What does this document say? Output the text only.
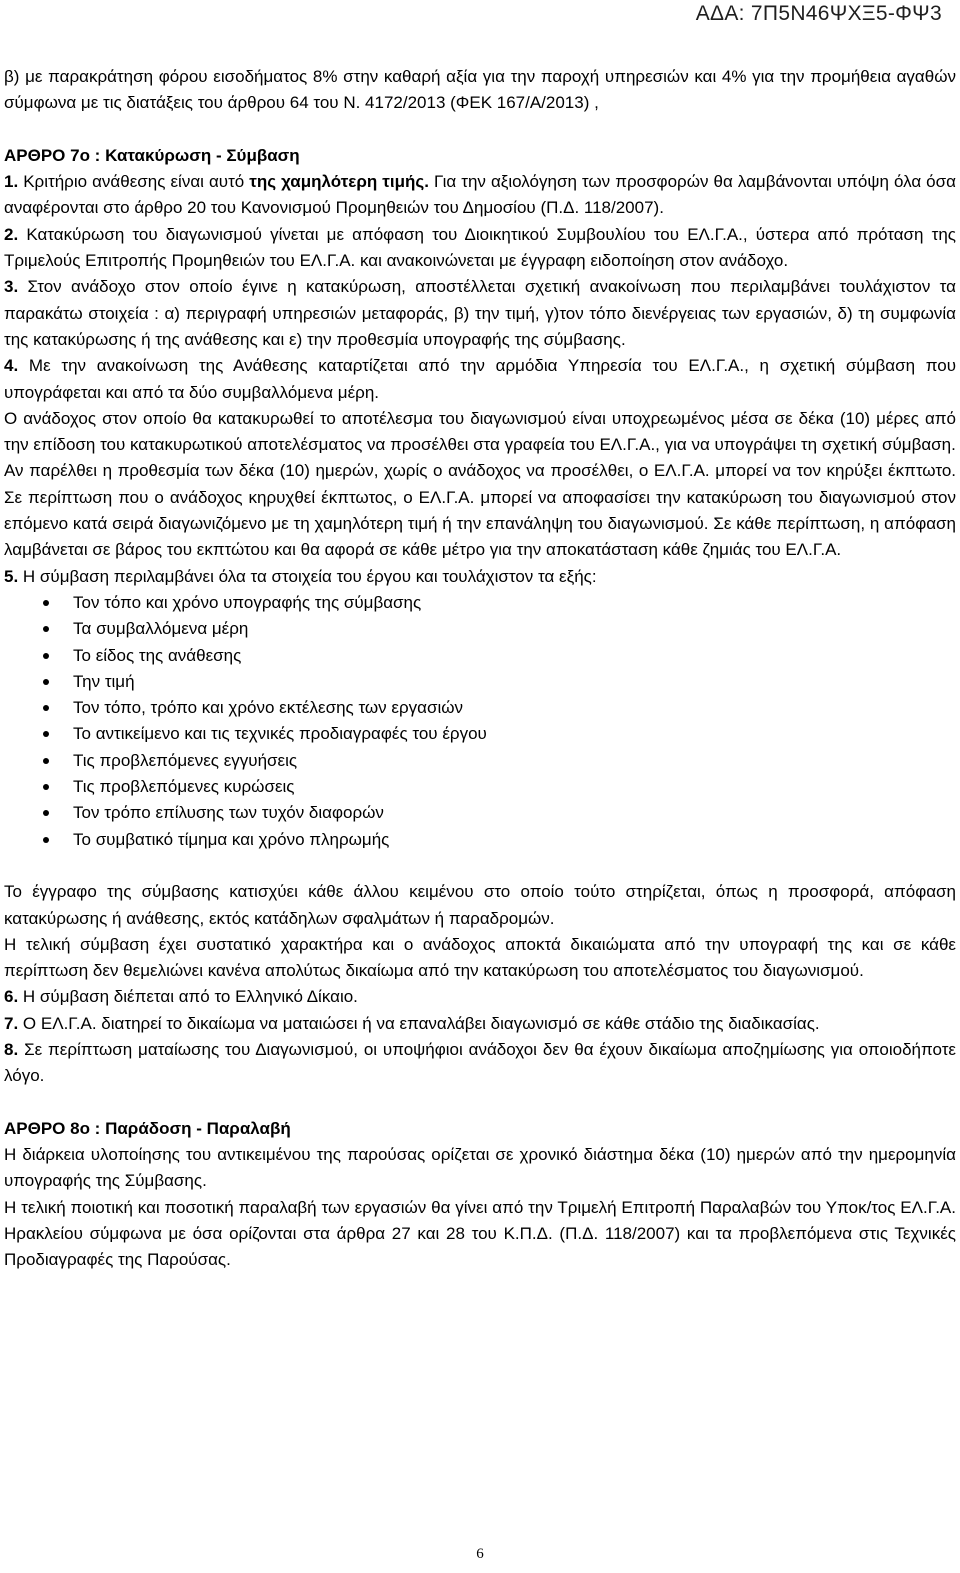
ΑΔΑ: 7Π5Ν46ΨΧΞ5-ΦΨ3

β) με παρακράτηση φόρου εισοδήματος 8% στην καθαρή αξία για την παροχή υπηρεσιών και 4% για την προμήθεια αγαθών σύμφωνα με τις διατάξεις του άρθρου 64 του Ν. 4172/2013 (ΦΕΚ 167/Α/2013) ,

ΑΡΘΡΟ 7ο : Κατακύρωση - Σύμβαση

1. Κριτήριο ανάθεσης είναι αυτό της χαμηλότερη τιμής. Για την αξιολόγηση των προσφορών θα λαμβάνονται υπόψη όλα όσα αναφέρονται στο άρθρο 20 του Κανονισμού Προμηθειών του Δημοσίου (Π.Δ. 118/2007).

2. Κατακύρωση του διαγωνισμού γίνεται με απόφαση του Διοικητικού Συμβουλίου του ΕΛ.Γ.Α., ύστερα από πρόταση της Τριμελούς Επιτροπής Προμηθειών του ΕΛ.Γ.Α. και ανακοινώνεται με έγγραφη ειδοποίηση στον ανάδοχο.

3. Στον ανάδοχο στον οποίο έγινε η κατακύρωση, αποστέλλεται σχετική ανακοίνωση που περιλαμβάνει τουλάχιστον τα παρακάτω στοιχεία : α) περιγραφή υπηρεσιών μεταφοράς, β) την τιμή, γ)τον τόπο διενέργειας των εργασιών, δ) τη συμφωνία της κατακύρωσης ή της ανάθεσης και ε) την προθεσμία υπογραφής της σύμβασης.

4. Με την ανακοίνωση της Ανάθεσης καταρτίζεται από την αρμόδια Υπηρεσία του ΕΛ.Γ.Α., η σχετική σύμβαση που υπογράφεται και από τα δύο συμβαλλόμενα μέρη.

Ο ανάδοχος στον οποίο θα κατακυρωθεί το αποτέλεσμα του διαγωνισμού είναι υποχρεωμένος μέσα σε δέκα (10) μέρες από την επίδοση του κατακυρωτικού αποτελέσματος να προσέλθει στα γραφεία του ΕΛ.Γ.Α., για να υπογράψει τη σχετική σύμβαση.

Αν παρέλθει η προθεσμία των δέκα (10) ημερών, χωρίς ο ανάδοχος να προσέλθει, ο ΕΛ.Γ.Α. μπορεί να τον κηρύξει έκπτωτο. Σε περίπτωση που ο ανάδοχος κηρυχθεί έκπτωτος, ο ΕΛ.Γ.Α. μπορεί να αποφασίσει την κατακύρωση του διαγωνισμού στον επόμενο κατά σειρά διαγωνιζόμενο με τη χαμηλότερη τιμή ή την επανάληψη του διαγωνισμού. Σε κάθε περίπτωση, η απόφαση λαμβάνεται σε βάρος του εκπτώτου και θα αφορά σε κάθε μέτρο για την αποκατάσταση κάθε ζημιάς του ΕΛ.Γ.Α.

5. Η σύμβαση περιλαμβάνει όλα τα στοιχεία του έργου και τουλάχιστον τα εξής:

Τον τόπο και χρόνο υπογραφής της σύμβασης
Τα συμβαλλόμενα μέρη
Το είδος της ανάθεσης
Την τιμή
Τον τόπο, τρόπο και χρόνο εκτέλεσης των εργασιών
Το αντικείμενο και τις τεχνικές προδιαγραφές του έργου
Τις προβλεπόμενες εγγυήσεις
Τις προβλεπόμενες κυρώσεις
Τον τρόπο επίλυσης των τυχόν διαφορών
Το συμβατικό τίμημα και χρόνο πληρωμής

Το έγγραφο της σύμβασης κατισχύει κάθε άλλου κειμένου στο οποίο τούτο στηρίζεται, όπως η προσφορά, απόφαση κατακύρωσης ή ανάθεσης, εκτός κατάδηλων σφαλμάτων ή παραδρομών.

Η τελική σύμβαση έχει συστατικό χαρακτήρα και ο ανάδοχος αποκτά δικαιώματα από την υπογραφή της και σε κάθε περίπτωση δεν θεμελιώνει κανένα απολύτως δικαίωμα από την κατακύρωση του αποτελέσματος του διαγωνισμού.

6. Η σύμβαση διέπεται από το Ελληνικό Δίκαιο.

7. Ο ΕΛ.Γ.Α. διατηρεί το δικαίωμα να ματαιώσει ή να επαναλάβει διαγωνισμό σε κάθε στάδιο της διαδικασίας.

8. Σε περίπτωση ματαίωσης του Διαγωνισμού, οι υποψήφιοι ανάδοχοι δεν θα έχουν δικαίωμα αποζημίωσης για οποιοδήποτε λόγο.

ΑΡΘΡΟ 8ο : Παράδοση - Παραλαβή

Η διάρκεια υλοποίησης του αντικειμένου της παρούσας ορίζεται σε χρονικό διάστημα δέκα (10) ημερών από την ημερομηνία υπογραφής της Σύμβασης.

Η τελική ποιοτική και ποσοτική παραλαβή των εργασιών θα γίνει από την Τριμελή Επιτροπή Παραλαβών του Υποκ/τος ΕΛ.Γ.Α. Ηρακλείου σύμφωνα με όσα ορίζονται στα άρθρα 27 και 28 του Κ.Π.Δ. (Π.Δ. 118/2007) και τα προβλεπόμενα στις Τεχνικές Προδιαγραφές της Παρούσας.

6
